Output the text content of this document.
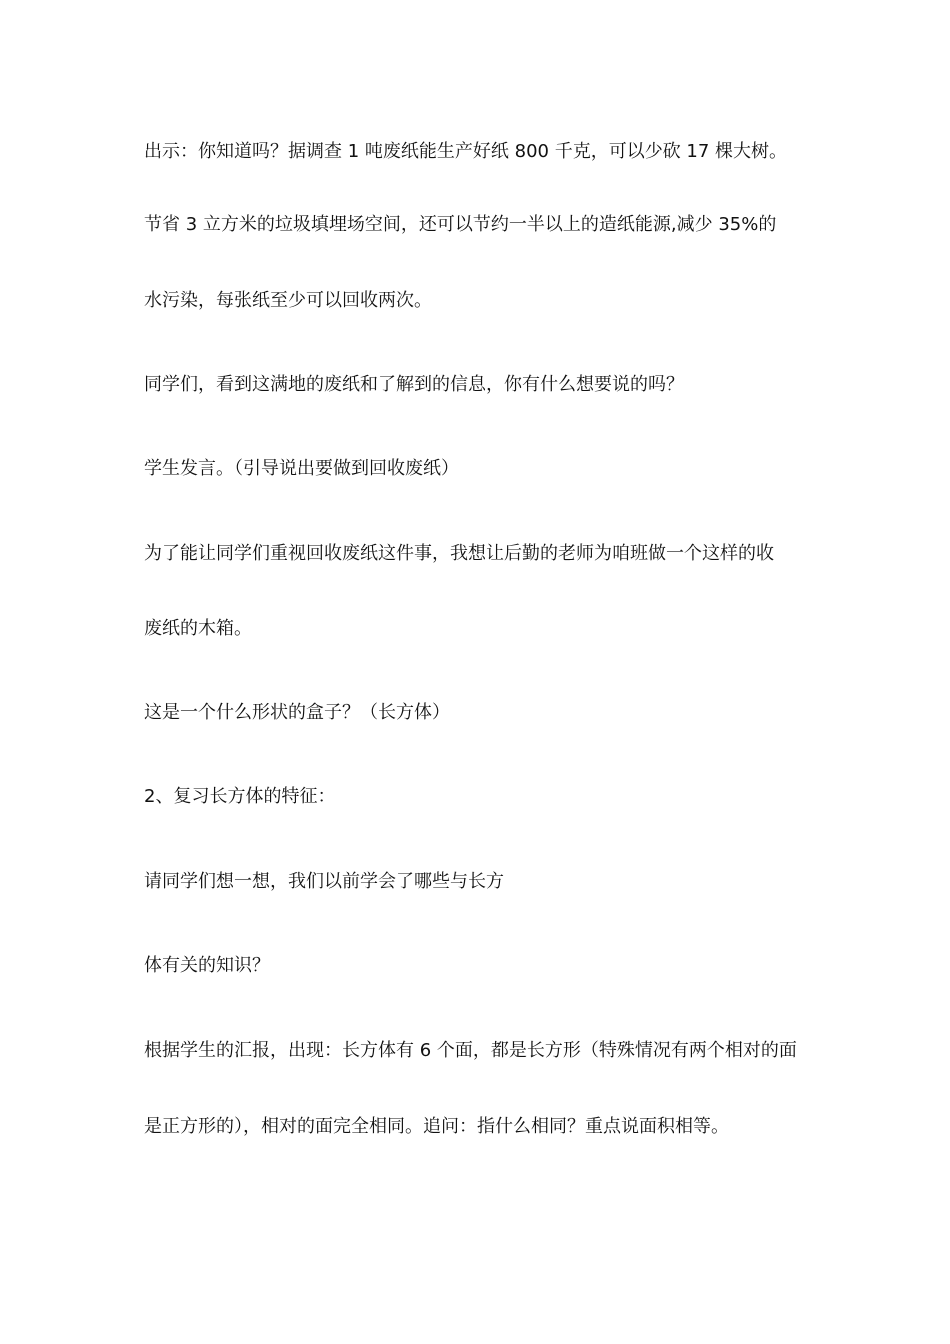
出示：你知道吗？据调查 1 吨废纸能生产好纸 800 千克，可以少砍 17 棵大树。
节省 3 立方米的垃圾填埋场空间，还可以节约一半以上的造纸能源,减少 35%的
水污染，每张纸至少可以回收两次。
同学们，看到这满地的废纸和了解到的信息，你有什么想要说的吗？
学生发言。（引导说出要做到回收废纸）
为了能让同学们重视回收废纸这件事，我想让后勤的老师为咱班做一个这样的收
废纸的木箱。
这是一个什么形状的盒子？（长方体）
2、复习长方体的特征：
请同学们想一想，我们以前学会了哪些与长方
体有关的知识？
根据学生的汇报，出现：长方体有 6 个面，都是长方形（特殊情况有两个相对的面
是正方形的），相对的面完全相同。追问：指什么相同？重点说面积相等。
